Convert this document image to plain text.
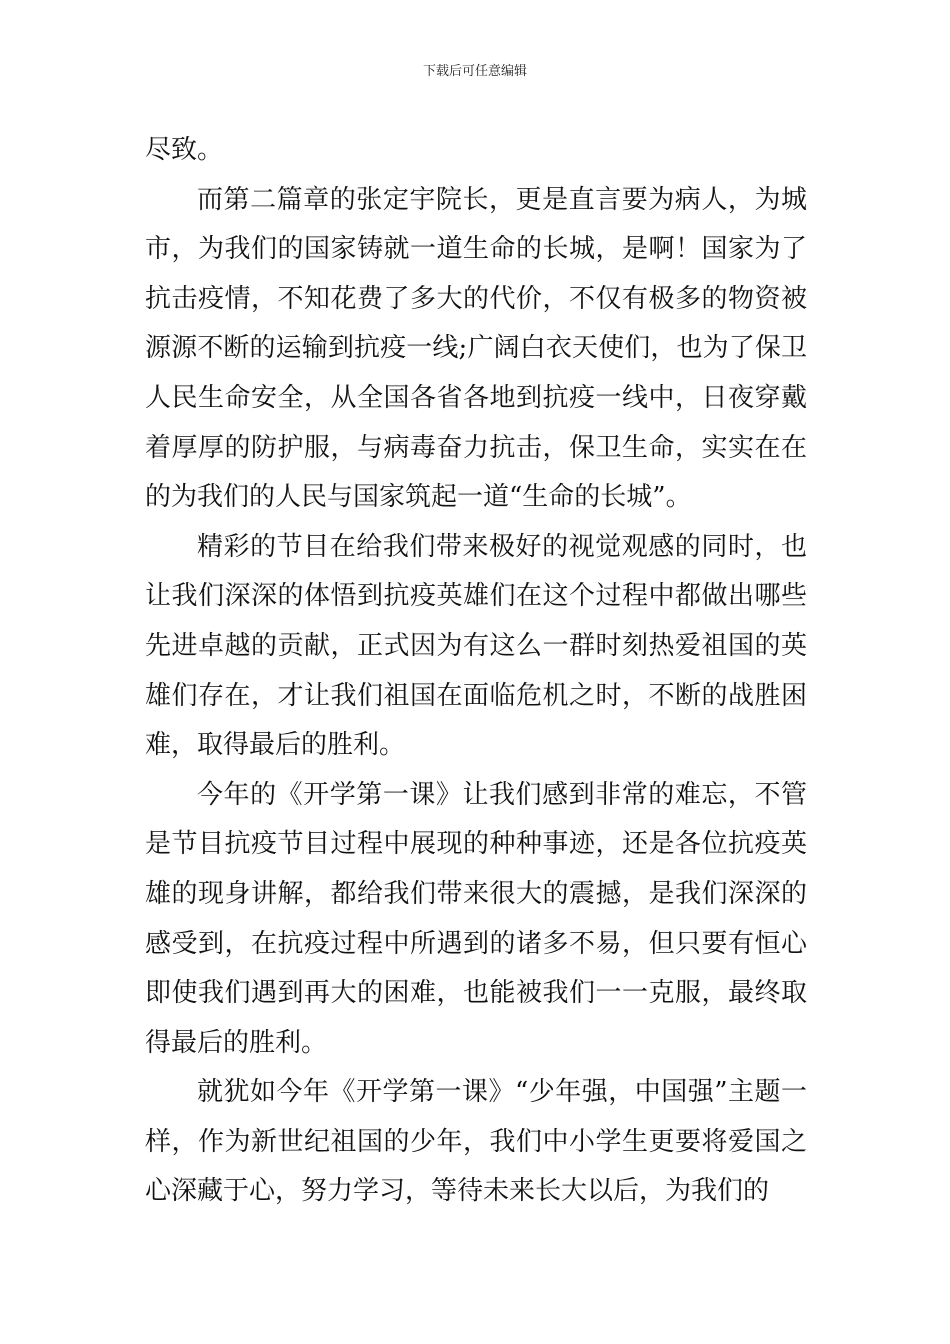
下载后可任意编辑

尽致。

而第二篇章的张定宇院长，更是直言要为病人，为城市，为我们的国家铸就一道生命的长城，是啊！国家为了抗击疫情，不知花费了多大的代价，不仅有极多的物资被源源不断的运输到抗疫一线;广阔白衣天使们，也为了保卫人民生命安全，从全国各省各地到抗疫一线中，日夜穿戴着厚厚的防护服，与病毒奋力抗击，保卫生命，实实在在的为我们的人民与国家筑起一道“生命的长城”。

精彩的节目在给我们带来极好的视觉观感的同时，也让我们深深的体悟到抗疫英雄们在这个过程中都做出哪些先进卓越的贡献，正式因为有这么一群时刻热爱祖国的英雄们存在，才让我们祖国在面临危机之时，不断的战胜困难，取得最后的胜利。

今年的《开学第一课》让我们感到非常的难忘，不管是节目抗疫节目过程中展现的种种事迹，还是各位抗疫英雄的现身讲解，都给我们带来很大的震撼，是我们深深的感受到，在抗疫过程中所遇到的诸多不易，但只要有恒心即使我们遇到再大的困难，也能被我们一一克服，最终取得最后的胜利。

就犹如今年《开学第一课》“少年强，中国强”主题一样，作为新世纪祖国的少年，我们中小学生更要将爱国之心深藏于心，努力学习，等待未来长大以后，为我们的
